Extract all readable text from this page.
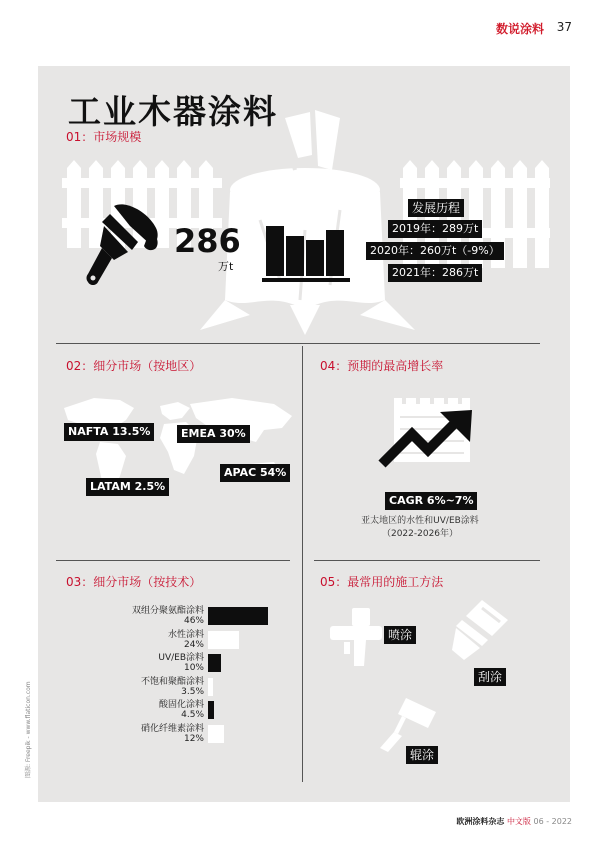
数说涂料 37
工业木器涂料
01：市场规模
286
万t
发展历程
2019年：289万t
2020年：260万t（-9%）
2021年：286万t
02：细分市场（按地区）
NAFTA 13.5%	EMEA 30%
APAC 54%
LATAM 2.5%
04：预期的最高增长率
CAGR 6%~7%
亚太地区的水性和UV/EB涂料
（2022-2026年）
03：细分市场（按技术）
双组分聚氨酯涂料
46%
水性涂料
24%
UV/EB涂料
10%
不饱和聚酯涂料
3.5%
酸固化涂料
4.5%
硝化纤维素涂料
12%
05：最常用的施工方法
喷涂
刮涂
辊涂
图源: Freepik - www.flaticon.com
欧洲涂料杂志 中文版 06 - 2022
